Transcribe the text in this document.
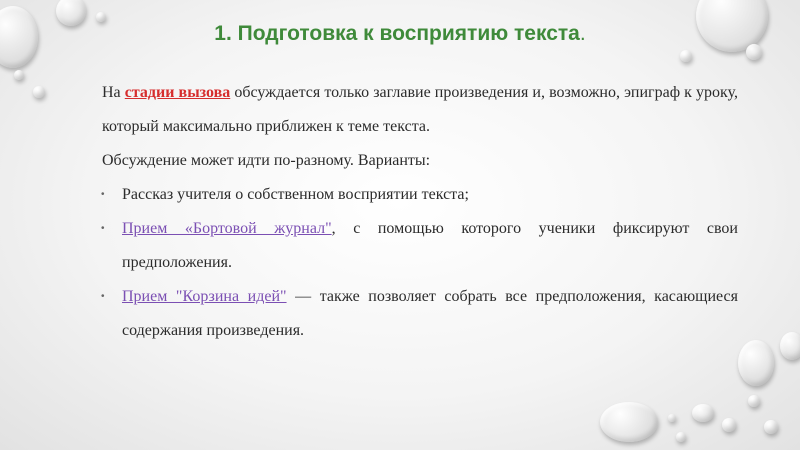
1. Подготовка к восприятию текста.

На стадии вызова обсуждается только заглавие произведения и, возможно, эпиграф к уроку, который максимально приближен к теме текста.

Обсуждение может идти по-разному. Варианты:

• Рассказ учителя о собственном восприятии текста;
• Прием «Бортовой журнал", с помощью которого ученики фиксируют свои предположения.
• Прием "Корзина идей" — также позволяет собрать все предположения, касающиеся содержания произведения.
